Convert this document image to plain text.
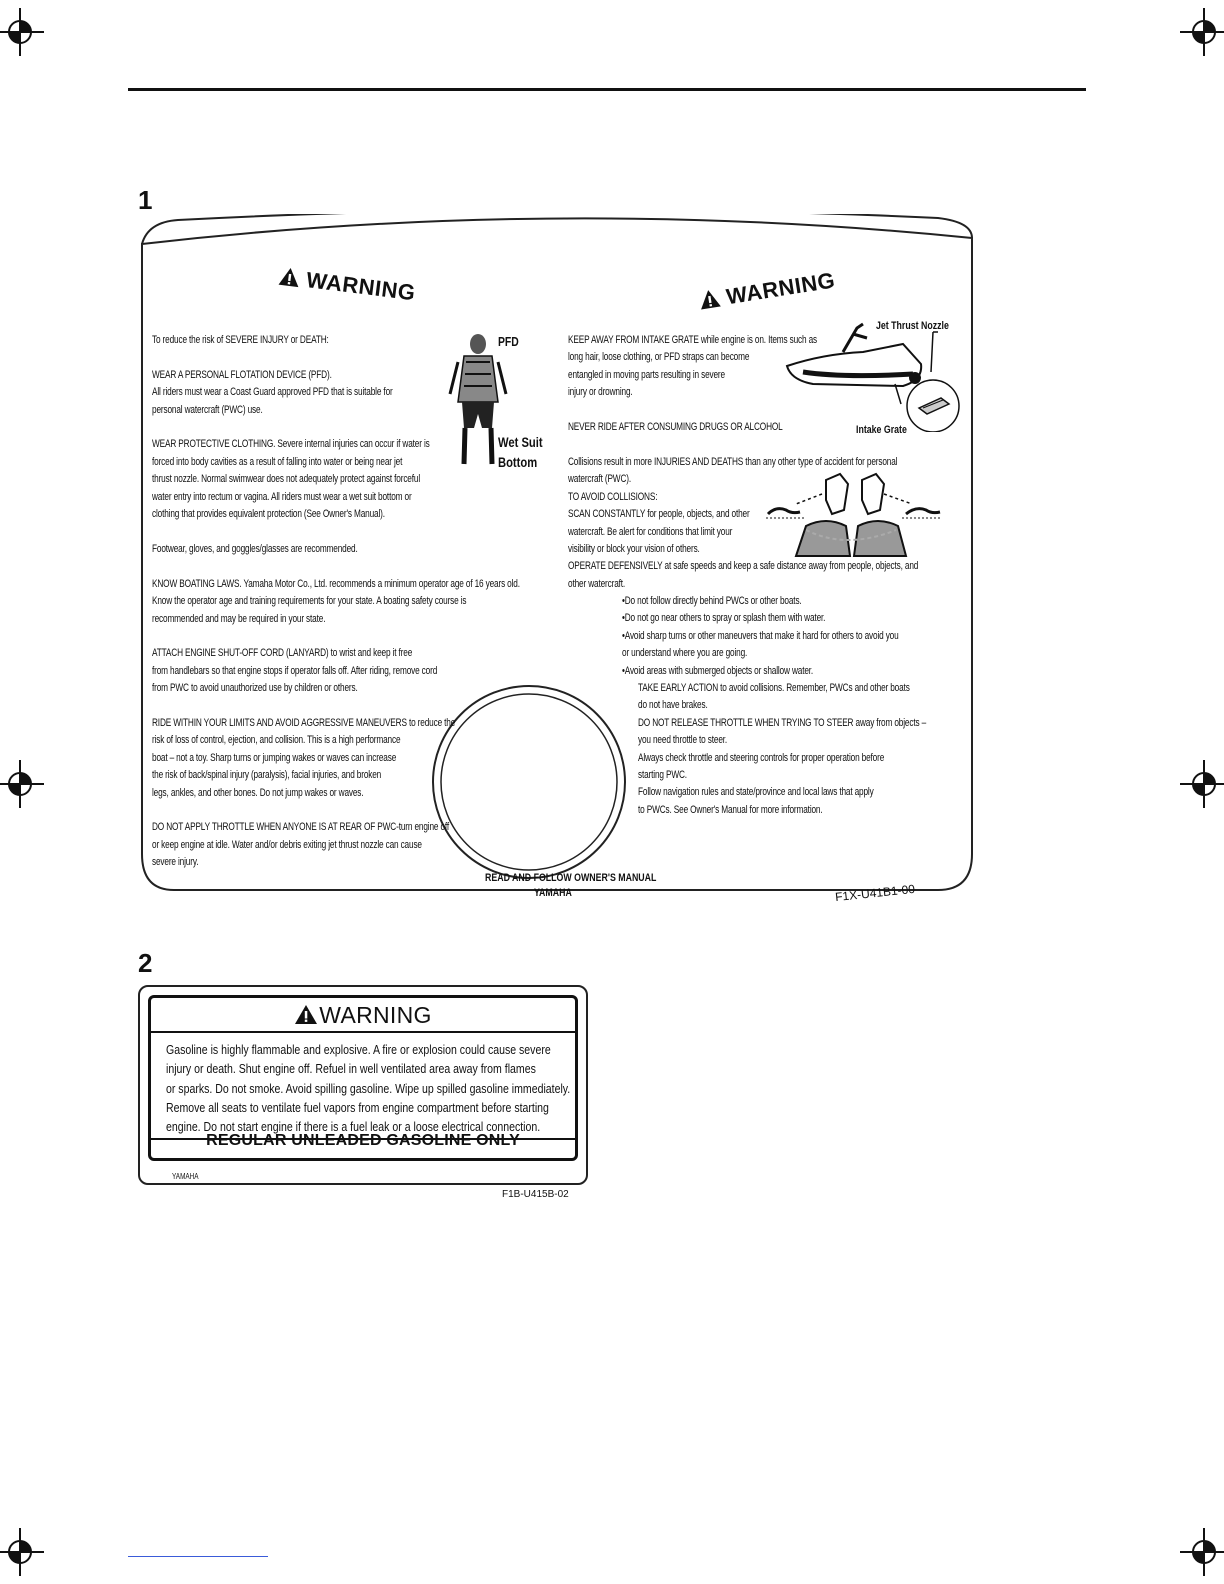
1
WARNING	WARNING
To reduce the risk of SEVERE INJURY or DEATH:

WEAR A PERSONAL FLOTATION DEVICE (PFD).
All riders must wear a Coast Guard approved PFD that is suitable for
personal watercraft (PWC) use.

WEAR PROTECTIVE CLOTHING. Severe internal injuries can occur if water is
forced into body cavities as a result of falling into water or being near jet
thrust nozzle. Normal swimwear does not adequately protect against forceful
water entry into rectum or vagina. All riders must wear a wet suit bottom or
clothing that provides equivalent protection (See Owner's Manual).

Footwear, gloves, and goggles/glasses are recommended.

KNOW BOATING LAWS. Yamaha Motor Co., Ltd. recommends a minimum operator age of 16 years old.
Know the operator age and training requirements for your state. A boating safety course is
recommended and may be required in your state.

ATTACH ENGINE SHUT-OFF CORD (LANYARD) to wrist and keep it free
from handlebars so that engine stops if operator falls off. After riding, remove cord
from PWC to avoid unauthorized use by children or others.

RIDE WITHIN YOUR LIMITS AND AVOID AGGRESSIVE MANEUVERS to reduce the
risk of loss of control, ejection, and collision. This is a high performance
boat – not a toy. Sharp turns or jumping wakes or waves can increase
the risk of back/spinal injury (paralysis), facial injuries, and broken
legs, ankles, and other bones. Do not jump wakes or waves.

DO NOT APPLY THROTTLE WHEN ANYONE IS AT REAR OF PWC-turn engine off
or keep engine at idle. Water and/or debris exiting jet thrust nozzle can cause
severe injury.
PFD
Wet Suit
Bottom
KEEP AWAY FROM INTAKE GRATE while engine is on. Items such as
long hair, loose clothing, or PFD straps can become
entangled in moving parts resulting in severe
injury or drowning.

NEVER RIDE AFTER CONSUMING DRUGS OR ALCOHOL
Jet Thrust Nozzle
Intake Grate
Collisions result in more INJURIES AND DEATHS than any other type of accident for personal
watercraft (PWC).
TO AVOID COLLISIONS:
SCAN CONSTANTLY for people, objects, and other
watercraft. Be alert for conditions that limit your
visibility or block your vision of others.
OPERATE DEFENSIVELY at safe speeds and keep a safe distance away from people, objects, and
other watercraft.
•Do not follow directly behind PWCs or other boats.
•Do not go near others to spray or splash them with water.
•Avoid sharp turns or other maneuvers that make it hard for others to avoid you
or understand where you are going.
•Avoid areas with submerged objects or shallow water.
TAKE EARLY ACTION to avoid collisions. Remember, PWCs and other boats
do not have brakes.
DO NOT RELEASE THROTTLE WHEN TRYING TO STEER away from objects –
you need throttle to steer.
Always check throttle and steering controls for proper operation before
starting PWC.
Follow navigation rules and state/province and local laws that apply
to PWCs. See Owner's Manual for more information.
READ AND FOLLOW OWNER'S MANUAL
YAMAHA	F1X-U41B1-00
2
WARNING
Gasoline is highly flammable and explosive. A fire or explosion could cause severe
injury or death. Shut engine off. Refuel in well ventilated area away from flames
or sparks. Do not smoke. Avoid spilling gasoline. Wipe up spilled gasoline immediately.
Remove all seats to ventilate fuel vapors from engine compartment before starting
engine. Do not start engine if there is a fuel leak or a loose electrical connection.
REGULAR UNLEADED GASOLINE ONLY
YAMAHA
F1B-U415B-02
